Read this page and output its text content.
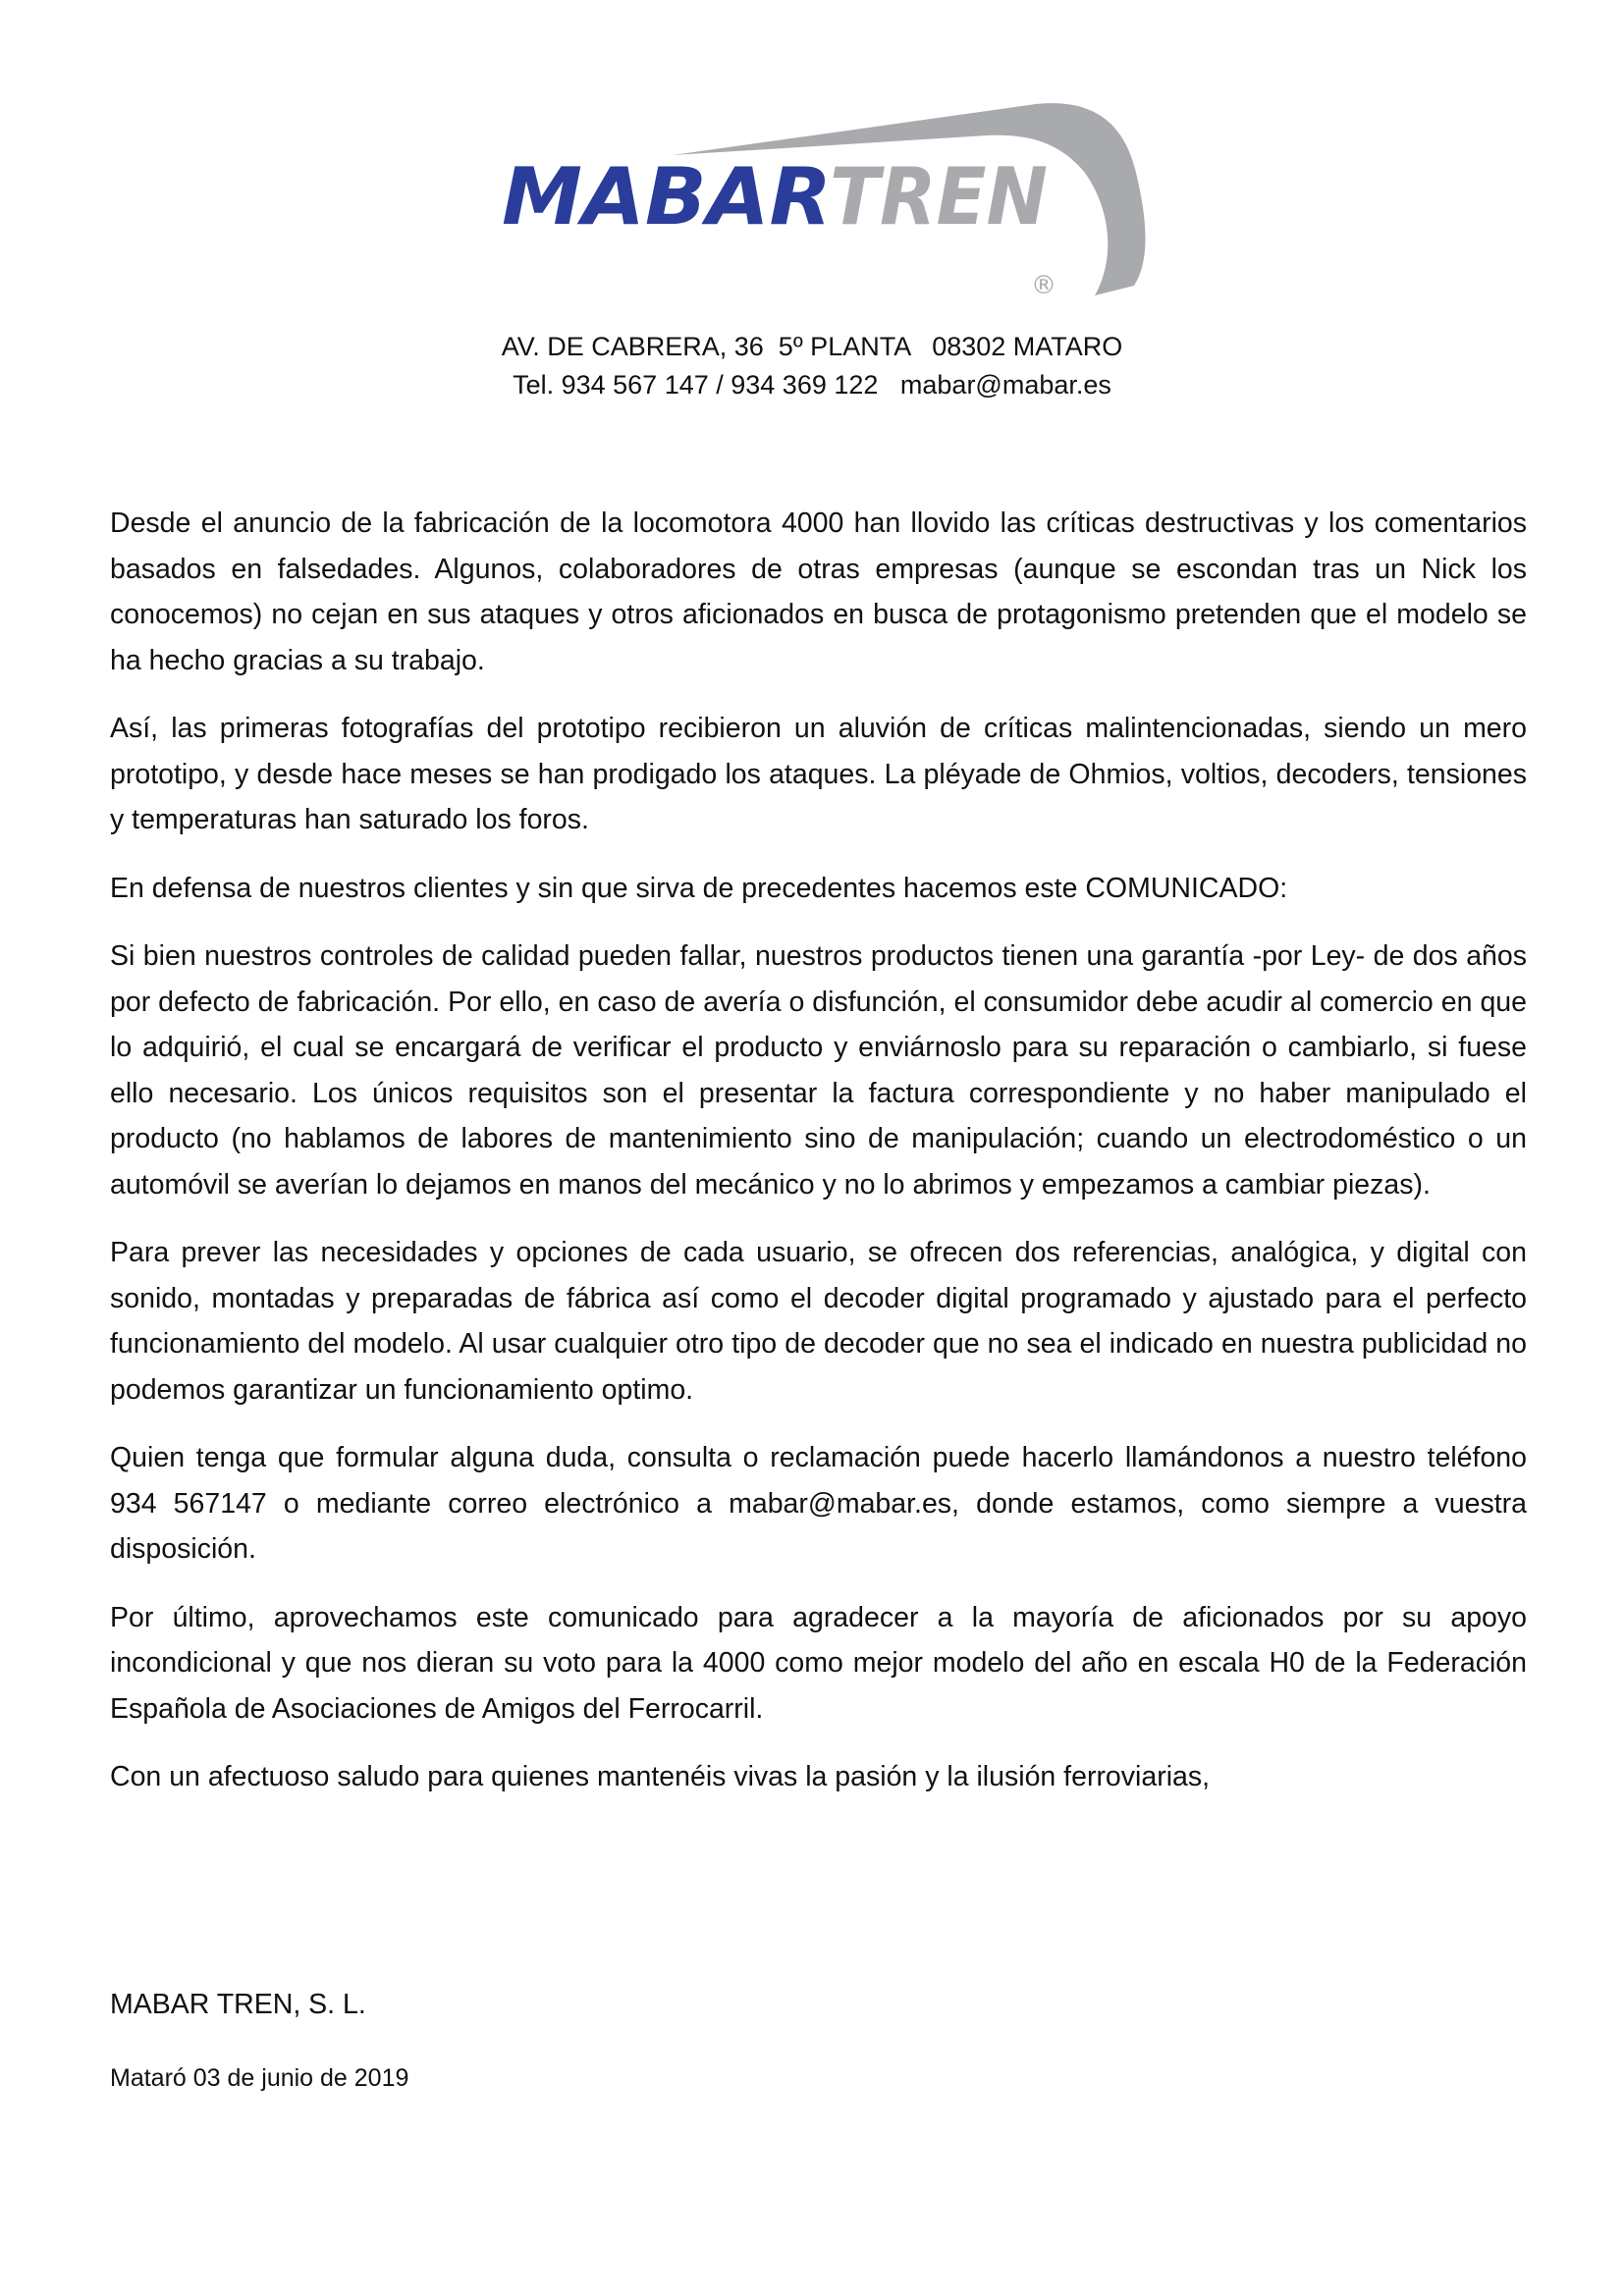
MABAR
TREN
®
AV. DE CABRERA, 36  5º PLANTA   08302 MATARO
Tel. 934 567 147 / 934 369 122   mabar@mabar.es

Desde el anuncio de la fabricación de la locomotora 4000 han llovido las críticas destructivas y los comentarios basados en falsedades. Algunos, colaboradores de otras empresas (aunque se escondan tras un Nick los conocemos) no cejan en sus ataques y otros aficionados en busca de protagonismo pretenden que el modelo se ha hecho gracias a su trabajo.

Así, las primeras fotografías del prototipo recibieron un aluvión de críticas malintencionadas, siendo un mero prototipo, y desde hace meses se han prodigado los ataques. La pléyade de Ohmios, voltios, decoders, tensiones y temperaturas han saturado los foros.

En defensa de nuestros clientes y sin que sirva de precedentes hacemos este COMUNICADO:

Si bien nuestros controles de calidad pueden fallar, nuestros productos tienen una garantía -por Ley- de dos años por defecto de fabricación. Por ello, en caso de avería o disfunción, el consumidor debe acudir al comercio en que lo adquirió, el cual se encargará de verificar el producto y enviárnoslo para su reparación o cambiarlo, si fuese ello necesario. Los únicos requisitos son el presentar la factura correspondiente y no haber manipulado el producto (no hablamos de labores de mantenimiento sino de manipulación; cuando un electrodoméstico o un automóvil se averían lo dejamos en manos del mecánico y no lo abrimos y empezamos a cambiar piezas).

Para prever las necesidades y opciones de cada usuario, se ofrecen dos referencias, analógica, y digital con sonido, montadas y preparadas de fábrica así como el decoder digital programado y ajustado para el perfecto funcionamiento del modelo. Al usar cualquier otro tipo de decoder que no sea el indicado en nuestra publicidad no podemos garantizar un funcionamiento optimo.

Quien tenga que formular alguna duda, consulta o reclamación puede hacerlo llamándonos a nuestro teléfono 934 567147 o mediante correo electrónico a mabar@mabar.es, donde estamos, como siempre a vuestra disposición.

Por último, aprovechamos este comunicado para agradecer a la mayoría de aficionados por su apoyo incondicional y que nos dieran su voto para la 4000 como mejor modelo del año en escala H0 de la Federación Española de Asociaciones de Amigos del Ferrocarril.

Con un afectuoso saludo para quienes mantenéis vivas la pasión y la ilusión ferroviarias,

MABAR TREN, S. L.

Mataró 03 de junio de 2019
